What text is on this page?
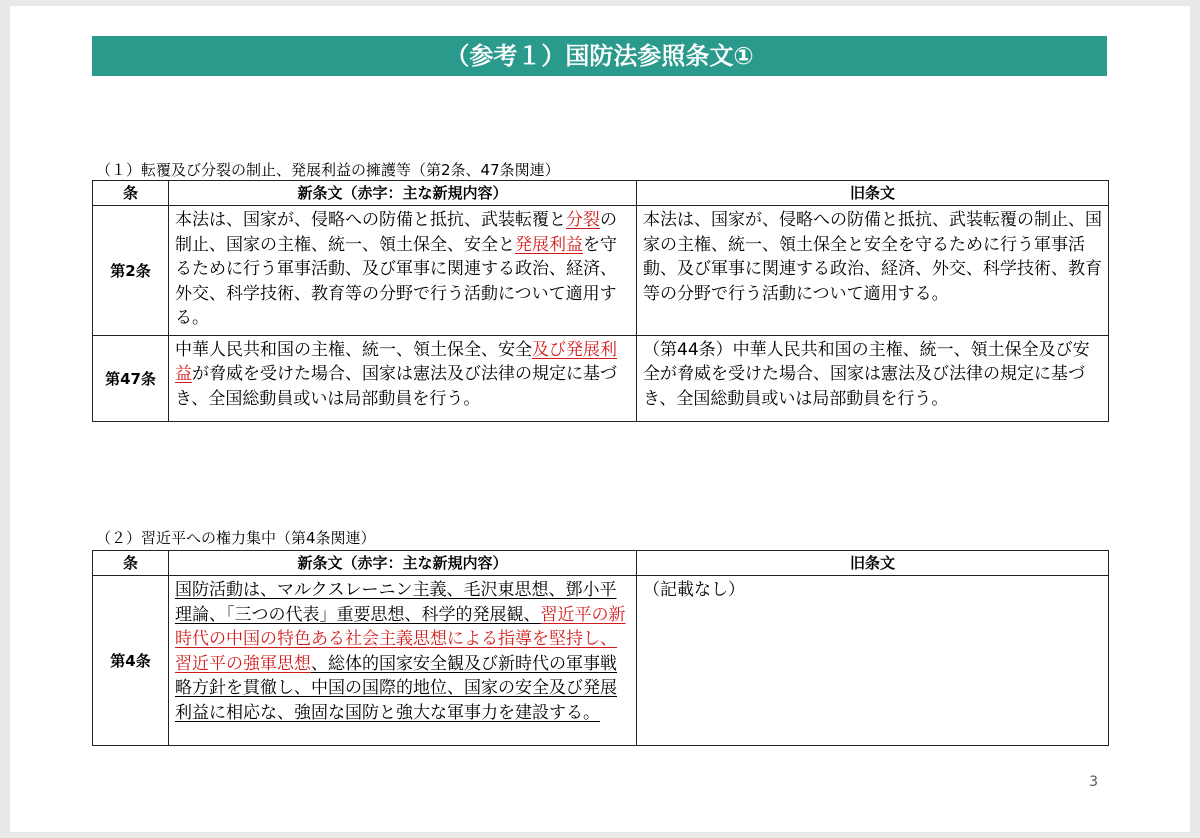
（参考１）国防法参照条文①
（１）転覆及び分裂の制止、発展利益の擁護等（第2条、47条関連）
条	新条文（赤字：主な新規内容）	旧条文
第2条	本法は、国家が、侵略への防備と抵抗、武装転覆と分裂の制止、国家の主権、統一、領土保全、安全と発展利益を守るために行う軍事活動、及び軍事に関連する政治、経済、外交、科学技術、教育等の分野で行う活動について適用する。	本法は、国家が、侵略への防備と抵抗、武装転覆の制止、国家の主権、統一、領土保全と安全を守るために行う軍事活動、及び軍事に関連する政治、経済、外交、科学技術、教育等の分野で行う活動について適用する。
第47条	中華人民共和国の主権、統一、領土保全、安全及び発展利益が脅威を受けた場合、国家は憲法及び法律の規定に基づき、全国総動員或いは局部動員を行う。	（第44条）中華人民共和国の主権、統一、領土保全及び安全が脅威を受けた場合、国家は憲法及び法律の規定に基づき、全国総動員或いは局部動員を行う。
（２）習近平への権力集中（第4条関連）
条	新条文（赤字：主な新規内容）	旧条文
第4条	国防活動は、マルクスレーニン主義、毛沢東思想、鄧小平理論、「三つの代表」重要思想、科学的発展観、習近平の新時代の中国の特色ある社会主義思想による指導を堅持し、習近平の強軍思想、総体的国家安全観及び新時代の軍事戦略方針を貫徹し、中国の国際的地位、国家の安全及び発展利益に相応な、強固な国防と強大な軍事力を建設する。	（記載なし）
3
